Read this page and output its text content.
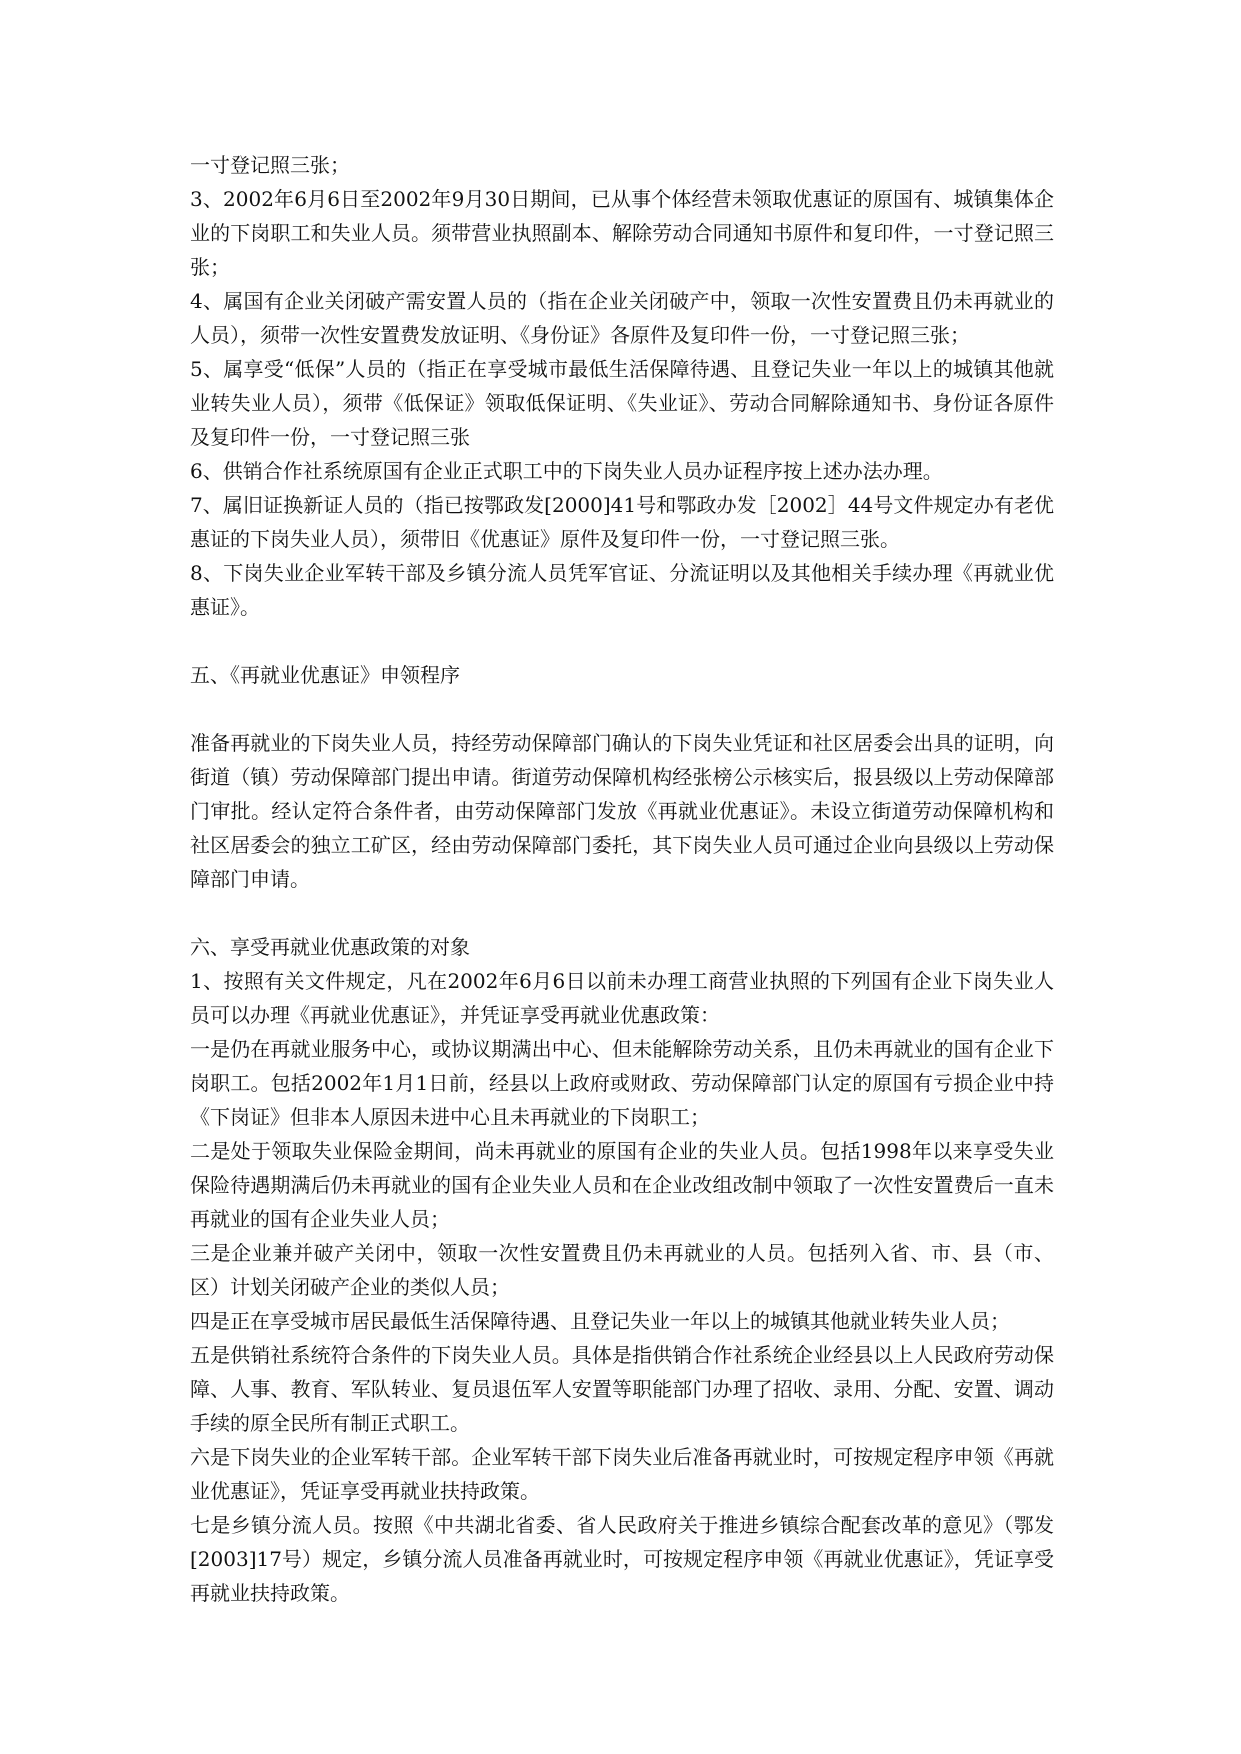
一寸登记照三张；

3、2002年6月6日至2002年9月30日期间，已从事个体经营未领取优惠证的原国有、城镇集体企业的下岗职工和失业人员。须带营业执照副本、解除劳动合同通知书原件和复印件，一寸登记照三张；

4、属国有企业关闭破产需安置人员的（指在企业关闭破产中，领取一次性安置费且仍未再就业的人员），须带一次性安置费发放证明、《身份证》各原件及复印件一份，一寸登记照三张；

5、属享受“低保”人员的（指正在享受城市最低生活保障待遇、且登记失业一年以上的城镇其他就业转失业人员），须带《低保证》领取低保证明、《失业证》、劳动合同解除通知书、身份证各原件及复印件一份，一寸登记照三张

6、供销合作社系统原国有企业正式职工中的下岗失业人员办证程序按上述办法办理。

7、属旧证换新证人员的（指已按鄂政发[2000]41号和鄂政办发［2002］44号文件规定办有老优惠证的下岗失业人员），须带旧《优惠证》原件及复印件一份，一寸登记照三张。

8、下岗失业企业军转干部及乡镇分流人员凭军官证、分流证明以及其他相关手续办理《再就业优惠证》。

五、《再就业优惠证》申领程序

准备再就业的下岗失业人员，持经劳动保障部门确认的下岗失业凭证和社区居委会出具的证明，向街道（镇）劳动保障部门提出申请。街道劳动保障机构经张榜公示核实后，报县级以上劳动保障部门审批。经认定符合条件者，由劳动保障部门发放《再就业优惠证》。未设立街道劳动保障机构和社区居委会的独立工矿区，经由劳动保障部门委托，其下岗失业人员可通过企业向县级以上劳动保障部门申请。

六、享受再就业优惠政策的对象

1、按照有关文件规定，凡在2002年6月6日以前未办理工商营业执照的下列国有企业下岗失业人员可以办理《再就业优惠证》，并凭证享受再就业优惠政策：

一是仍在再就业服务中心，或协议期满出中心、但未能解除劳动关系，且仍未再就业的国有企业下岗职工。包括2002年1月1日前，经县以上政府或财政、劳动保障部门认定的原国有亏损企业中持《下岗证》但非本人原因未进中心且未再就业的下岗职工；

二是处于领取失业保险金期间，尚未再就业的原国有企业的失业人员。包括1998年以来享受失业保险待遇期满后仍未再就业的国有企业失业人员和在企业改组改制中领取了一次性安置费后一直未再就业的国有企业失业人员；

三是企业兼并破产关闭中，领取一次性安置费且仍未再就业的人员。包括列入省、市、县（市、区）计划关闭破产企业的类似人员；

四是正在享受城市居民最低生活保障待遇、且登记失业一年以上的城镇其他就业转失业人员；

五是供销社系统符合条件的下岗失业人员。具体是指供销合作社系统企业经县以上人民政府劳动保障、人事、教育、军队转业、复员退伍军人安置等职能部门办理了招收、录用、分配、安置、调动手续的原全民所有制正式职工。

六是下岗失业的企业军转干部。企业军转干部下岗失业后准备再就业时，可按规定程序申领《再就业优惠证》，凭证享受再就业扶持政策。

七是乡镇分流人员。按照《中共湖北省委、省人民政府关于推进乡镇综合配套改革的意见》（鄂发[2003]17号）规定，乡镇分流人员准备再就业时，可按规定程序申领《再就业优惠证》，凭证享受再就业扶持政策。
